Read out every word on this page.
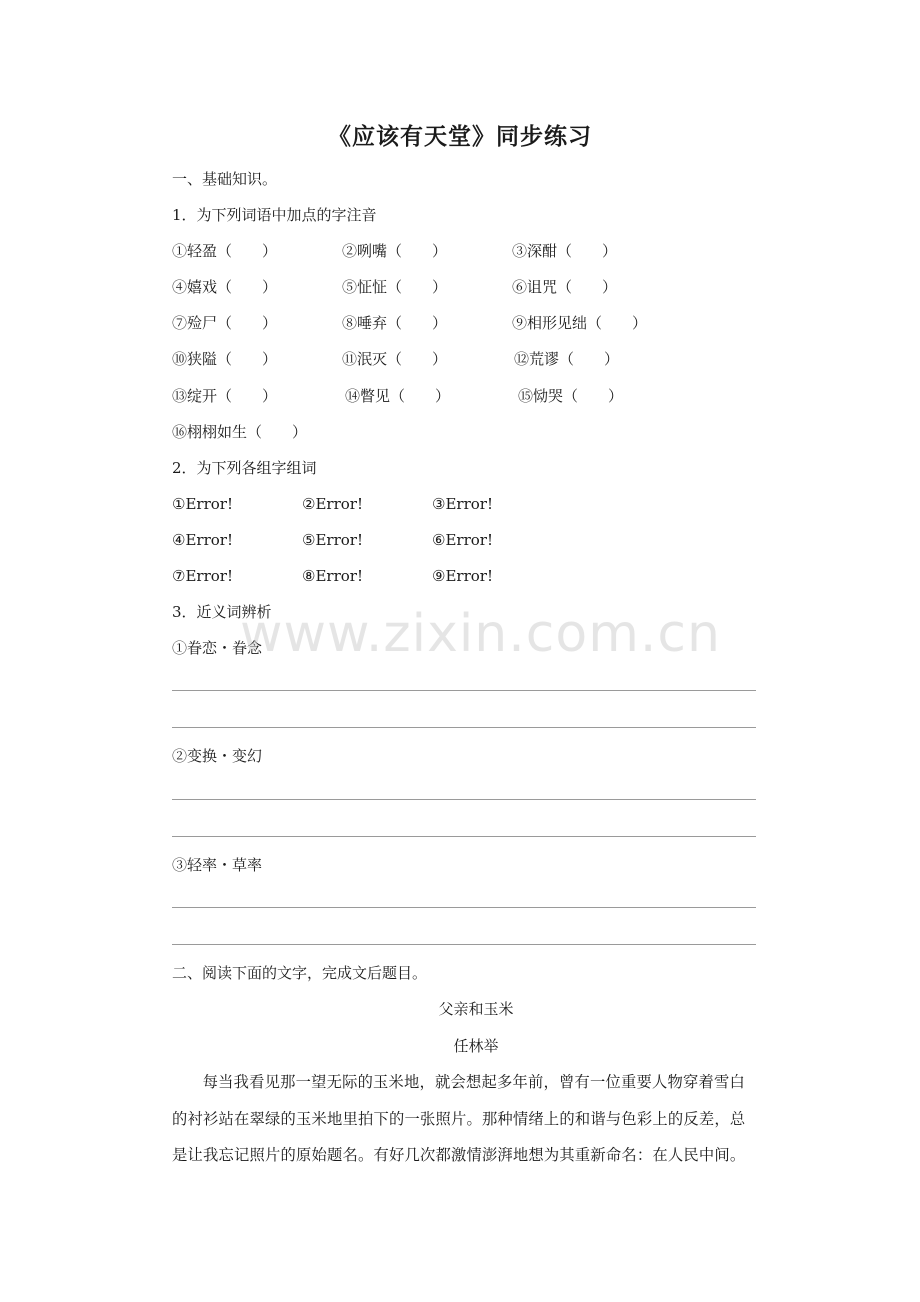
《应该有天堂》同步练习
一、基础知识。
1．为下列词语中加点的字注音
①轻盈（　　）	②咧嘴（　　）	③深酣（　　）
④嬉戏（　　）	⑤怔怔（　　）	⑥诅咒（　　）
⑦殓尸（　　）	⑧唾弃（　　）	⑨相形见绌（　　）
⑩狭隘（　　）	⑪泯灭（　　）	⑫荒谬（　　）
⑬绽开（　　）	⑭瞥见（　　）	⑮恸哭（　　）
⑯栩栩如生（　　）
2．为下列各组字组词
①Error!	②Error!	③Error!
④Error!	⑤Error!	⑥Error!
⑦Error!	⑧Error!	⑨Error!
3．近义词辨析
①眷恋・眷念
②变换・变幻
③轻率・草率
二、阅读下面的文字，完成文后题目。
父亲和玉米
任林举
每当我看见那一望无际的玉米地，就会想起多年前，曾有一位重要人物穿着雪白的衬衫站在翠绿的玉米地里拍下的一张照片。那种情绪上的和谐与色彩上的反差，总是让我忘记照片的原始题名。有好几次都激情澎湃地想为其重新命名：在人民中间。
www.zixin.com.cn
